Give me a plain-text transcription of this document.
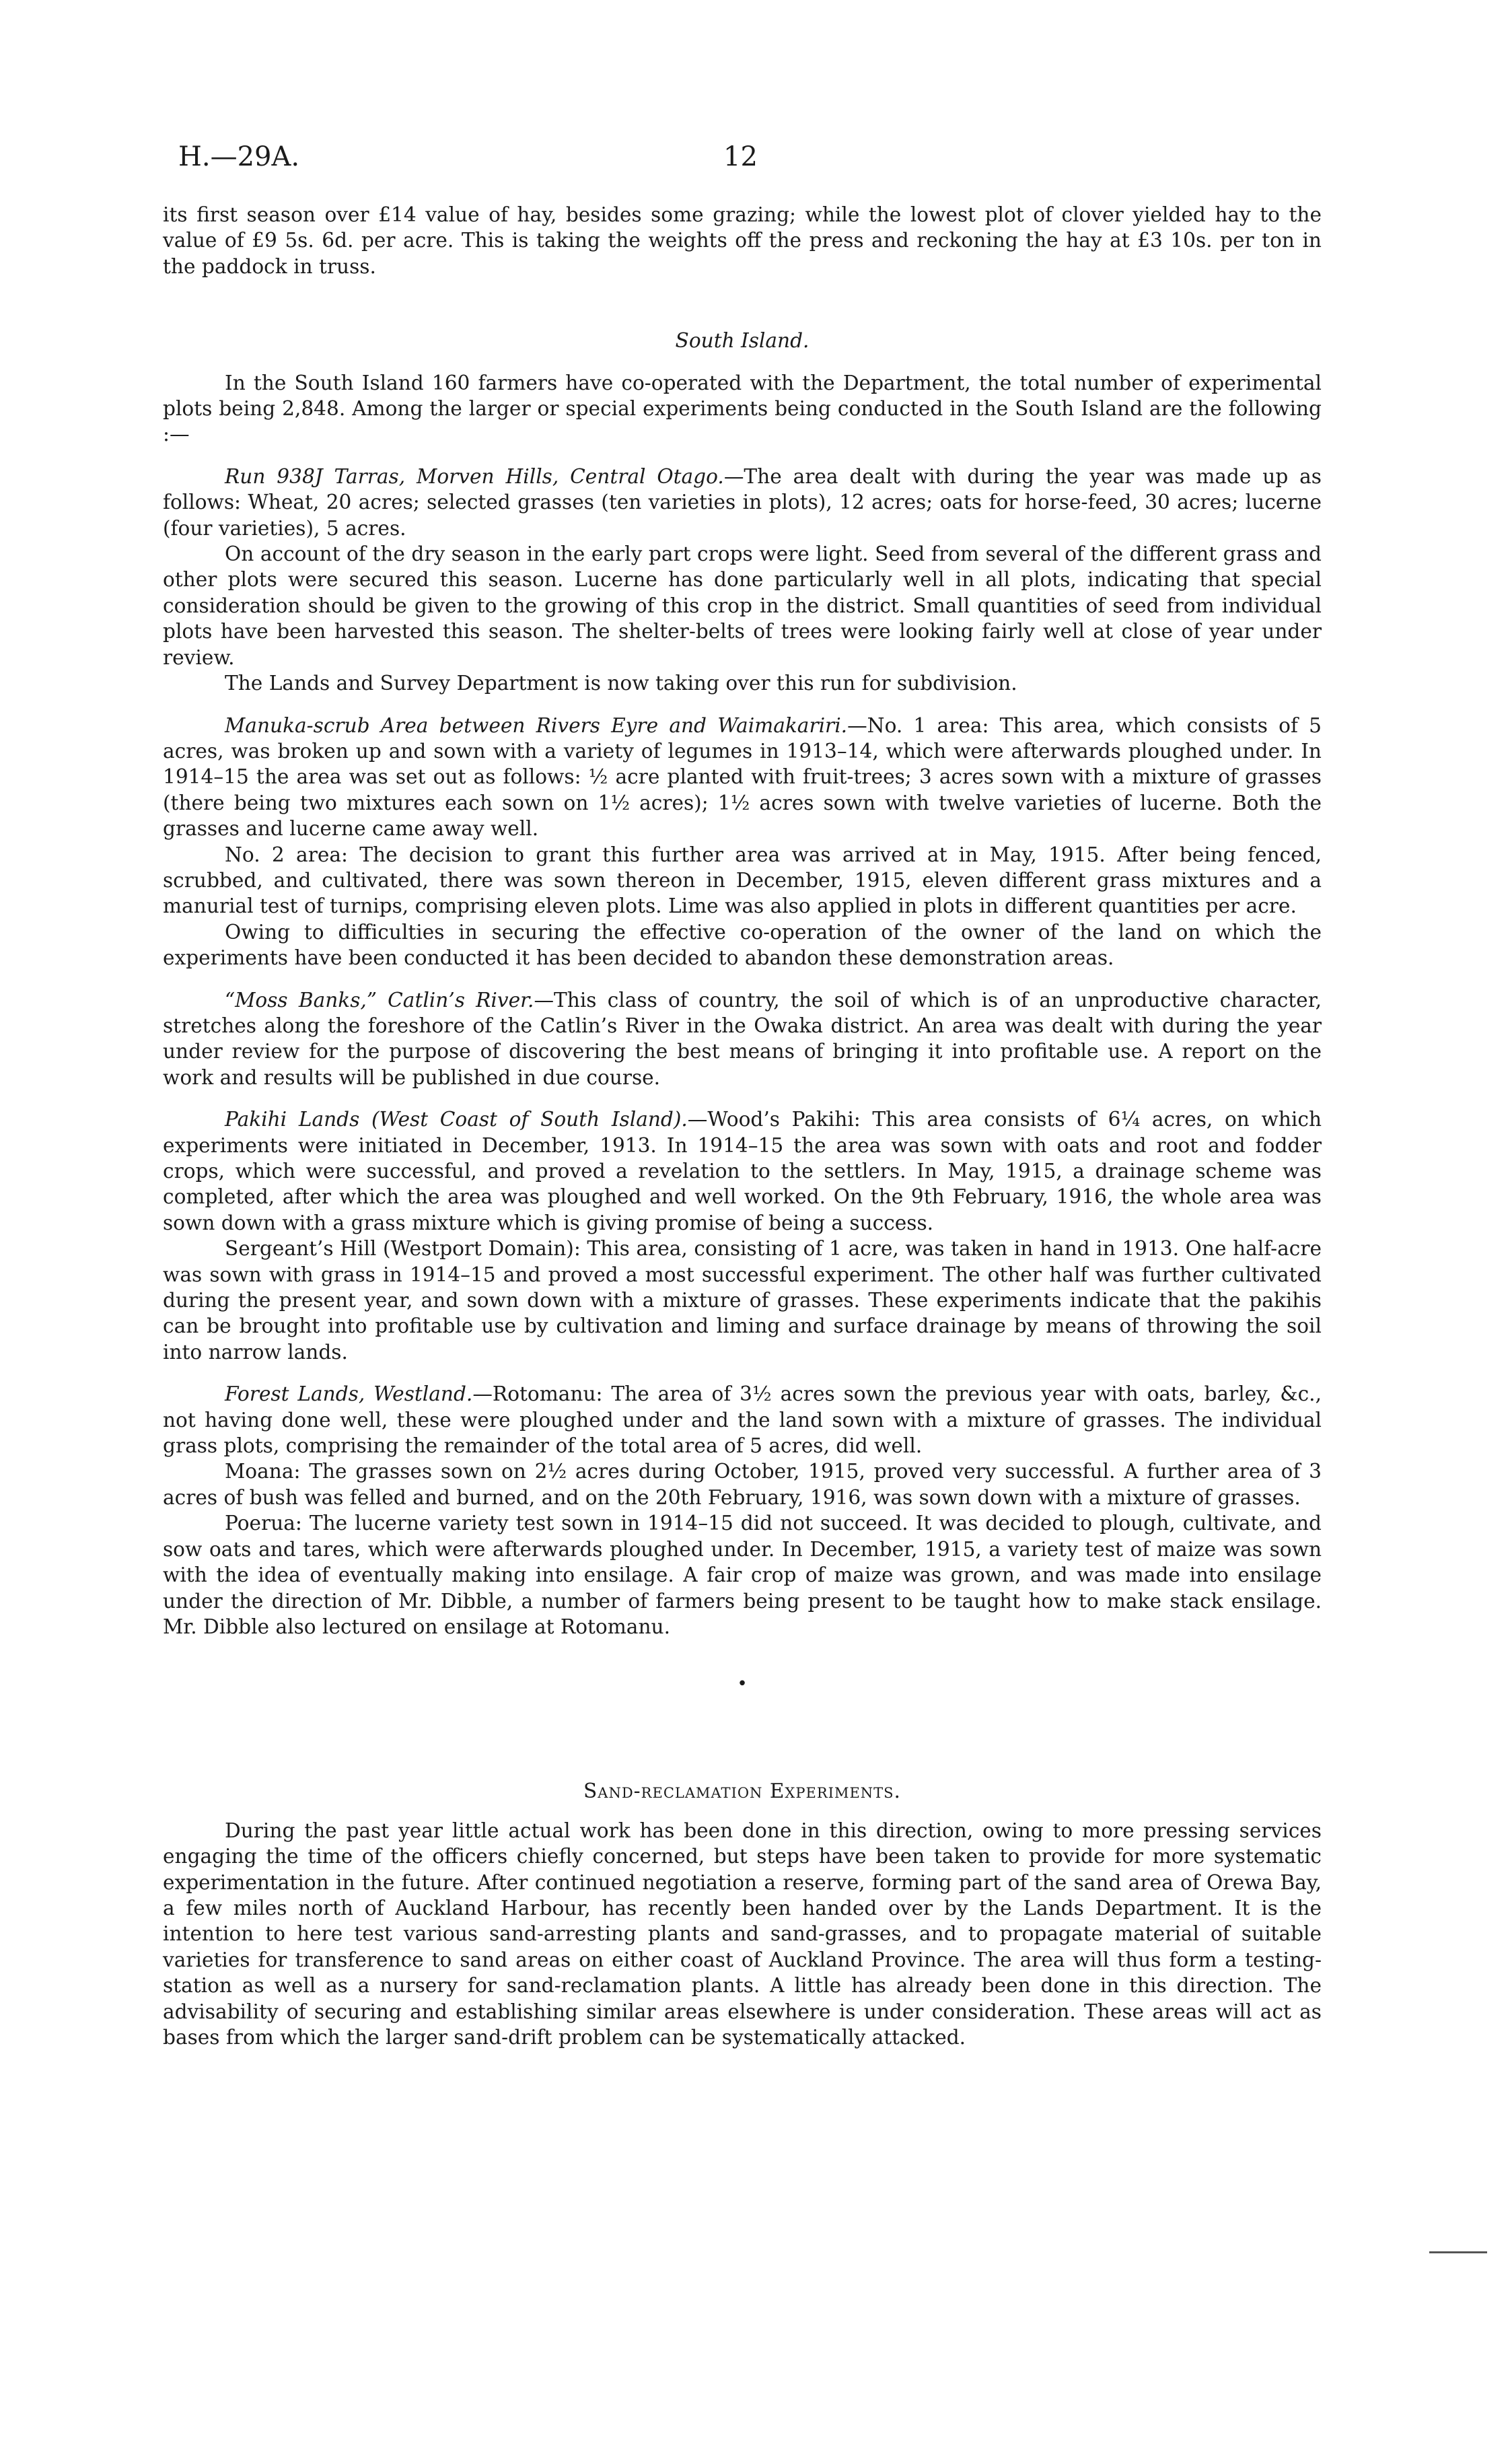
H.—29A.	12

its first season over £14 value of hay, besides some grazing; while the lowest plot of clover yielded hay to the value of £9 5s. 6d. per acre. This is taking the weights off the press and reckoning the hay at £3 10s. per ton in the paddock in truss.

South Island.

In the South Island 160 farmers have co-operated with the Department, the total number of experimental plots being 2,848. Among the larger or special experiments being conducted in the South Island are the following :—

Run 938J Tarras, Morven Hills, Central Otago.—The area dealt with during the year was made up as follows: Wheat, 20 acres; selected grasses (ten varieties in plots), 12 acres; oats for horse-feed, 30 acres; lucerne (four varieties), 5 acres.

On account of the dry season in the early part crops were light. Seed from several of the different grass and other plots were secured this season. Lucerne has done particularly well in all plots, indicating that special consideration should be given to the growing of this crop in the district. Small quantities of seed from individual plots have been harvested this season. The shelter-belts of trees were looking fairly well at close of year under review.

The Lands and Survey Department is now taking over this run for subdivision.

Manuka-scrub Area between Rivers Eyre and Waimakariri.—No. 1 area: This area, which consists of 5 acres, was broken up and sown with a variety of legumes in 1913–14, which were afterwards ploughed under. In 1914–15 the area was set out as follows: ½ acre planted with fruit-trees; 3 acres sown with a mixture of grasses (there being two mixtures each sown on 1½ acres); 1½ acres sown with twelve varieties of lucerne. Both the grasses and lucerne came away well.

No. 2 area: The decision to grant this further area was arrived at in May, 1915. After being fenced, scrubbed, and cultivated, there was sown thereon in December, 1915, eleven different grass mixtures and a manurial test of turnips, comprising eleven plots. Lime was also applied in plots in different quantities per acre.

Owing to difficulties in securing the effective co-operation of the owner of the land on which the experiments have been conducted it has been decided to abandon these demonstration areas.

“Moss Banks,” Catlin’s River.—This class of country, the soil of which is of an unproductive character, stretches along the foreshore of the Catlin’s River in the Owaka district. An area was dealt with during the year under review for the purpose of discovering the best means of bringing it into profitable use. A report on the work and results will be published in due course.

Pakihi Lands (West Coast of South Island).—Wood’s Pakihi: This area consists of 6¼ acres, on which experiments were initiated in December, 1913. In 1914–15 the area was sown with oats and root and fodder crops, which were successful, and proved a revelation to the settlers. In May, 1915, a drainage scheme was completed, after which the area was ploughed and well worked. On the 9th February, 1916, the whole area was sown down with a grass mixture which is giving promise of being a success.

Sergeant’s Hill (Westport Domain): This area, consisting of 1 acre, was taken in hand in 1913. One half-acre was sown with grass in 1914–15 and proved a most successful experiment. The other half was further cultivated during the present year, and sown down with a mixture of grasses. These experiments indicate that the pakihis can be brought into profitable use by cultivation and liming and surface drainage by means of throwing the soil into narrow lands.

Forest Lands, Westland.—Rotomanu: The area of 3½ acres sown the previous year with oats, barley, &c., not having done well, these were ploughed under and the land sown with a mixture of grasses. The individual grass plots, comprising the remainder of the total area of 5 acres, did well.

Moana: The grasses sown on 2½ acres during October, 1915, proved very successful. A further area of 3 acres of bush was felled and burned, and on the 20th February, 1916, was sown down with a mixture of grasses.

Poerua: The lucerne variety test sown in 1914–15 did not succeed. It was decided to plough, cultivate, and sow oats and tares, which were afterwards ploughed under. In December, 1915, a variety test of maize was sown with the idea of eventually making into ensilage. A fair crop of maize was grown, and was made into ensilage under the direction of Mr. Dibble, a number of farmers being present to be taught how to make stack ensilage. Mr. Dibble also lectured on ensilage at Rotomanu.

•

Sand-reclamation Experiments.

During the past year little actual work has been done in this direction, owing to more pressing services engaging the time of the officers chiefly concerned, but steps have been taken to provide for more systematic experimentation in the future. After continued negotiation a reserve, forming part of the sand area of Orewa Bay, a few miles north of Auckland Harbour, has recently been handed over by the Lands Department. It is the intention to here test various sand-arresting plants and sand-grasses, and to propagate material of suitable varieties for transference to sand areas on either coast of Auckland Province. The area will thus form a testing-station as well as a nursery for sand-reclamation plants. A little has already been done in this direction. The advisability of securing and establishing similar areas elsewhere is under consideration. These areas will act as bases from which the larger sand-drift problem can be systematically attacked.
